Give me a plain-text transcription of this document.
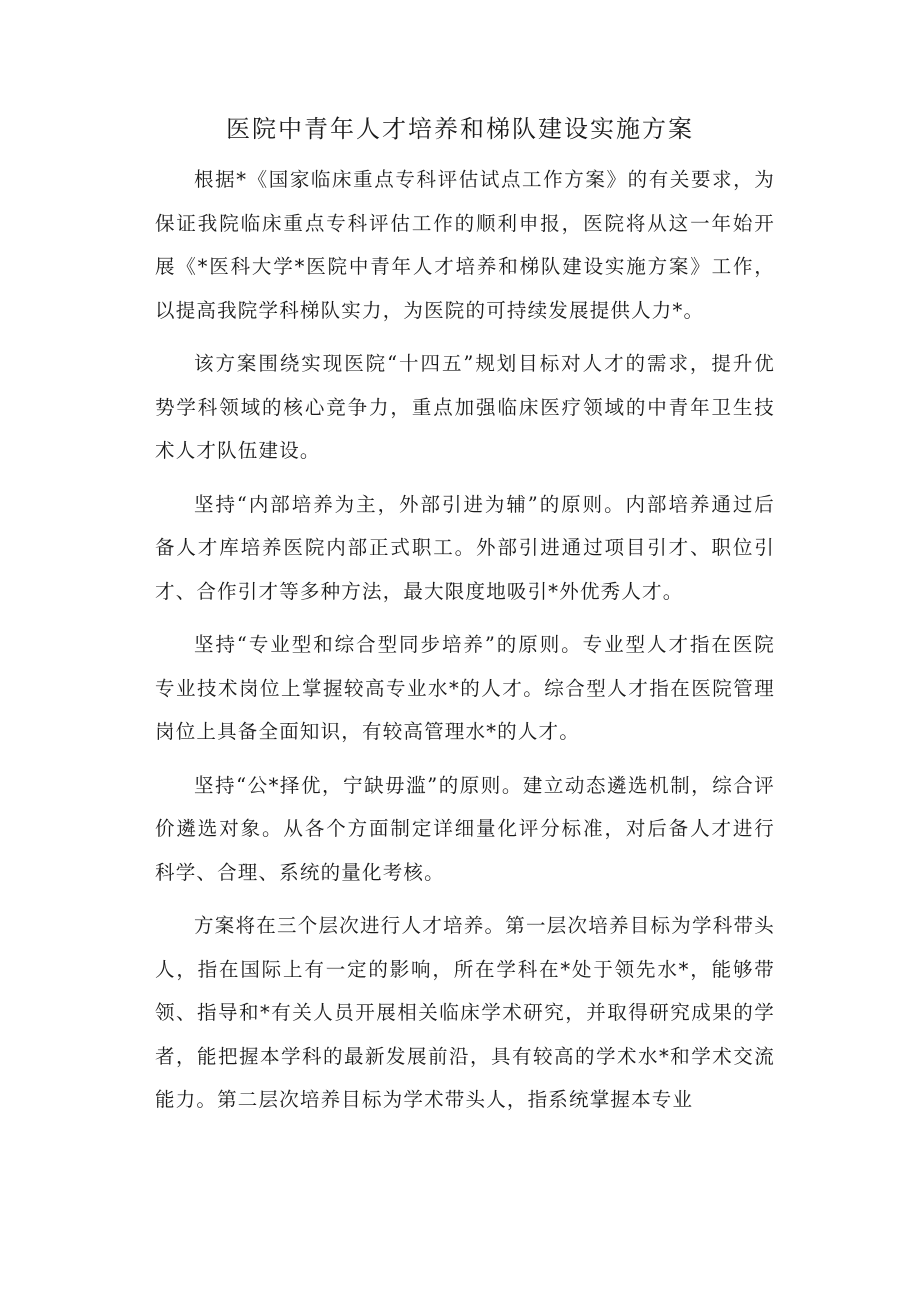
医院中青年人才培养和梯队建设实施方案

根据*《国家临床重点专科评估试点工作方案》的有关要求，为保证我院临床重点专科评估工作的顺利申报，医院将从这一年始开展《*医科大学*医院中青年人才培养和梯队建设实施方案》工作，以提高我院学科梯队实力，为医院的可持续发展提供人力*。

该方案围绕实现医院“十四五”规划目标对人才的需求，提升优势学科领域的核心竞争力，重点加强临床医疗领域的中青年卫生技术人才队伍建设。

坚持“内部培养为主，外部引进为辅”的原则。内部培养通过后备人才库培养医院内部正式职工。外部引进通过项目引才、职位引才、合作引才等多种方法，最大限度地吸引*外优秀人才。

坚持“专业型和综合型同步培养”的原则。专业型人才指在医院专业技术岗位上掌握较高专业水*的人才。综合型人才指在医院管理岗位上具备全面知识，有较高管理水*的人才。

坚持“公*择优，宁缺毋滥”的原则。建立动态遴选机制，综合评价遴选对象。从各个方面制定详细量化评分标准，对后备人才进行科学、合理、系统的量化考核。

方案将在三个层次进行人才培养。第一层次培养目标为学科带头人，指在国际上有一定的影响，所在学科在*处于领先水*，能够带领、指导和*有关人员开展相关临床学术研究，并取得研究成果的学者，能把握本学科的最新发展前沿，具有较高的学术水*和学术交流能力。第二层次培养目标为学术带头人，指系统掌握本专业
